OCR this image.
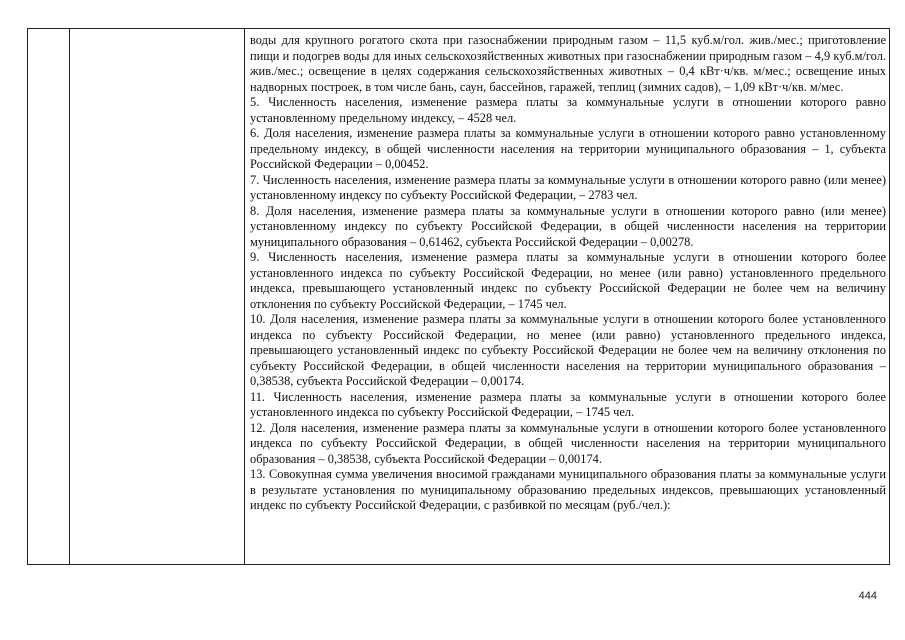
воды для крупного рогатого скота при газоснабжении природным газом – 11,5 куб.м/гол. жив./мес.; приготовление пищи и подогрев воды для иных сельскохозяйственных животных при газоснабжении природным газом – 4,9 куб.м/гол. жив./мес.; освещение в целях содержания сельскохозяйственных животных – 0,4 кВт·ч/кв. м/мес.; освещение иных надворных построек, в том числе бань, саун, бассейнов, гаражей, теплиц (зимних садов), – 1,09 кВт·ч/кв. м/мес.

5. Численность населения, изменение размера платы за коммунальные услуги в отношении которого равно установленному предельному индексу, – 4528 чел.

6. Доля населения, изменение размера платы за коммунальные услуги в отношении которого равно установленному предельному индексу, в общей численности населения на территории муниципального образования – 1, субъекта Российской Федерации – 0,00452.

7. Численность населения, изменение размера платы за коммунальные услуги в отношении которого равно (или менее) установленному индексу по субъекту Российской Федерации, – 2783 чел.

8. Доля населения, изменение размера платы за коммунальные услуги в отношении которого равно (или менее) установленному индексу по субъекту Российской Федерации, в общей численности населения на территории муниципального образования – 0,61462, субъекта Российской Федерации – 0,00278.

9. Численность населения, изменение размера платы за коммунальные услуги в отношении которого более установленного индекса по субъекту Российской Федерации, но менее (или равно) установленного предельного индекса, превышающего установленный индекс по субъекту Российской Федерации не более чем на величину отклонения по субъекту Российской Федерации, – 1745 чел.

10. Доля населения, изменение размера платы за коммунальные услуги в отношении которого более установленного индекса по субъекту Российской Федерации, но менее (или равно) установленного предельного индекса, превышающего установленный индекс по субъекту Российской Федерации не более чем на величину отклонения по субъекту Российской Федерации, в общей численности населения на территории муниципального образования – 0,38538, субъекта Российской Федерации – 0,00174.

11. Численность населения, изменение размера платы за коммунальные услуги в отношении которого более установленного индекса по субъекту Российской Федерации, – 1745 чел.

12. Доля населения, изменение размера платы за коммунальные услуги в отношении которого более установленного индекса по субъекту Российской Федерации, в общей численности населения на территории муниципального образования – 0,38538, субъекта Российской Федерации – 0,00174.

13. Совокупная сумма увеличения вносимой гражданами муниципального образования платы за коммунальные услуги в результате установления по муниципальному образованию предельных индексов, превышающих установленный индекс по субъекту Российской Федерации, с разбивкой по месяцам (руб./чел.):

444
